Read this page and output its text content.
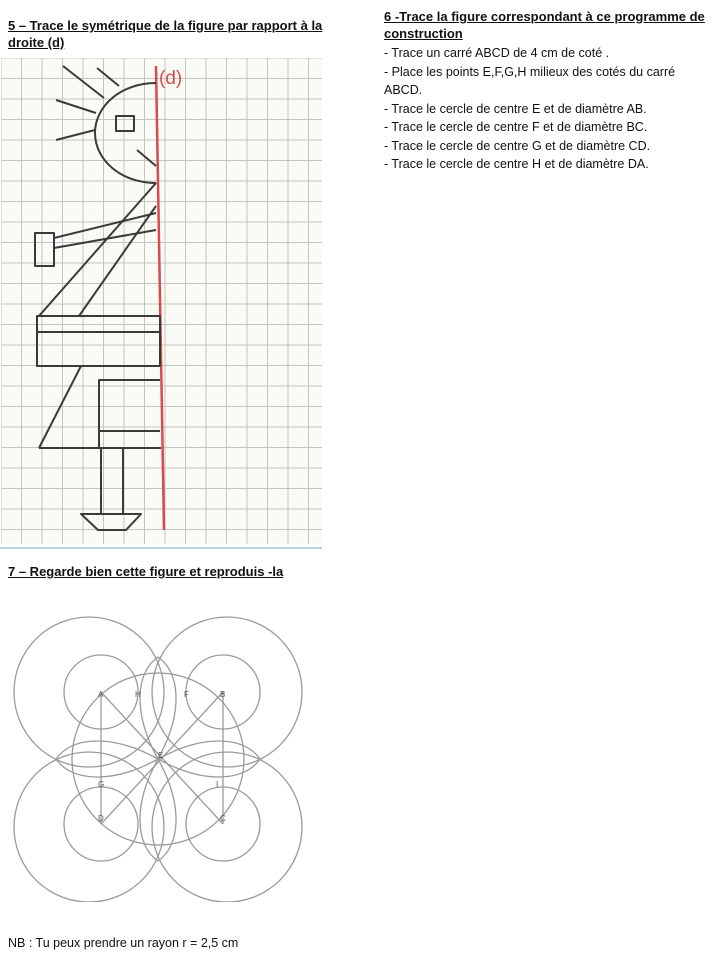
5 – Trace le symétrique de la figure par rapport à la droite (d)
(d)
6 -Trace la figure correspondant à ce programme de construction
- Trace un carré ABCD de 4 cm de coté .
- Place les points E,F,G,H milieux des cotés du carré ABCD.
- Trace le cercle de centre E et de diamètre AB.
- Trace le cercle de centre F et de diamètre BC.
- Trace le cercle de centre G et de diamètre CD.
- Trace le cercle de centre H et de diamètre DA.
7 – Regarde bien cette figure et reproduis -la
A	H	F	B
E
G	I
D	C

NB : Tu peux prendre un rayon r = 2,5 cm
